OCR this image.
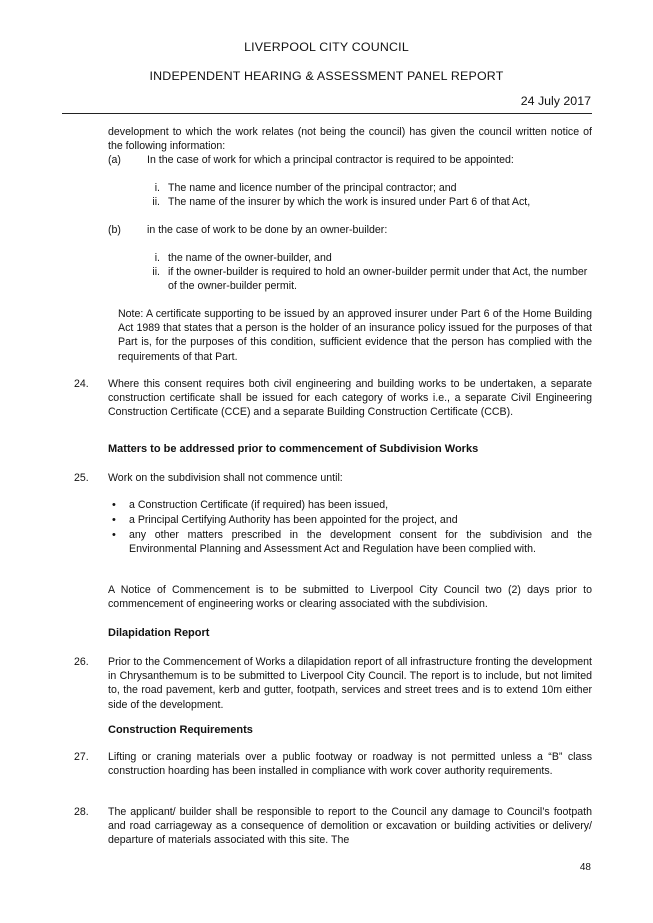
LIVERPOOL CITY COUNCIL
INDEPENDENT HEARING & ASSESSMENT PANEL REPORT
24 July 2017
development to which the work relates (not being the council) has given the council written notice of the following information:
(a) In the case of work for which a principal contractor is required to be appointed:
i. The name and licence number of the principal contractor; and
ii. The name of the insurer by which the work is insured under Part 6 of that Act,
(b) in the case of work to be done by an owner-builder:
i. the name of the owner-builder, and
ii. if the owner-builder is required to hold an owner-builder permit under that Act, the number of the owner-builder permit.
Note: A certificate supporting to be issued by an approved insurer under Part 6 of the Home Building Act 1989 that states that a person is the holder of an insurance policy issued for the purposes of that Part is, for the purposes of this condition, sufficient evidence that the person has complied with the requirements of that Part.
24.	Where this consent requires both civil engineering and building works to be undertaken, a separate construction certificate shall be issued for each category of works i.e., a separate Civil Engineering Construction Certificate (CCE) and a separate Building Construction Certificate (CCB).
Matters to be addressed prior to commencement of Subdivision Works
25.	Work on the subdivision shall not commence until:
• a Construction Certificate (if required) has been issued,
• a Principal Certifying Authority has been appointed for the project, and
• any other matters prescribed in the development consent for the subdivision and the Environmental Planning and Assessment Act and Regulation have been complied with.
A Notice of Commencement is to be submitted to Liverpool City Council two (2) days prior to commencement of engineering works or clearing associated with the subdivision.
Dilapidation Report
26.	Prior to the Commencement of Works a dilapidation report of all infrastructure fronting the development in Chrysanthemum is to be submitted to Liverpool City Council. The report is to include, but not limited to, the road pavement, kerb and gutter, footpath, services and street trees and is to extend 10m either side of the development.
Construction Requirements
27.	Lifting or craning materials over a public footway or roadway is not permitted unless a “B” class construction hoarding has been installed in compliance with work cover authority requirements.
28.	The applicant/ builder shall be responsible to report to the Council any damage to Council’s footpath and road carriageway as a consequence of demolition or excavation or building activities or delivery/ departure of materials associated with this site. The
48
